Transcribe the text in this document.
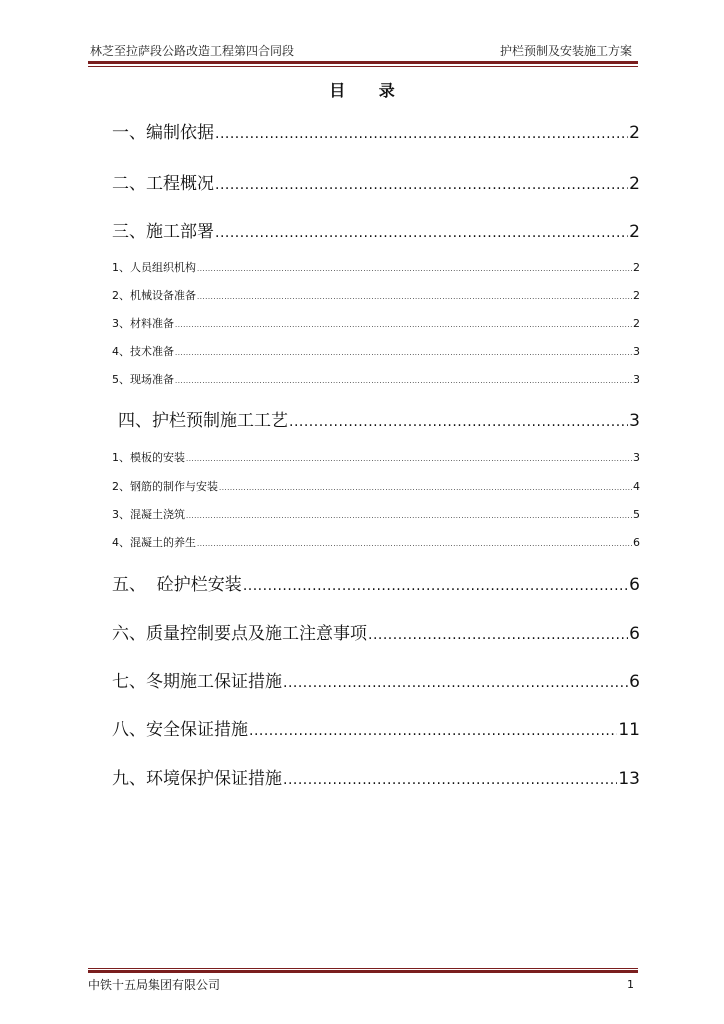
林芝至拉萨段公路改造工程第四合同段	护栏预制及安装施工方案
目 录
一、编制依据 .....	2
二、工程概况 .....	2
三、施工部署 .....	2
1、人员组织机构 .....	2
2、机械设备准备 .....	2
3、材料准备 .....	2
4、技术准备 .....	3
5、现场准备 .....	3
四、护栏预制施工工艺 .....	3
1、模板的安装 .....	3
2、钢筋的制作与安装 .....	4
3、混凝土浇筑 .....	5
4、混凝土的养生 .....	6
五、  砼护栏安装 .....	6
六、质量控制要点及施工注意事项 .....	6
七、冬期施工保证措施 .....	6
八、安全保证措施 .....	11
九、环境保护保证措施 .....	13
中铁十五局集团有限公司	1
